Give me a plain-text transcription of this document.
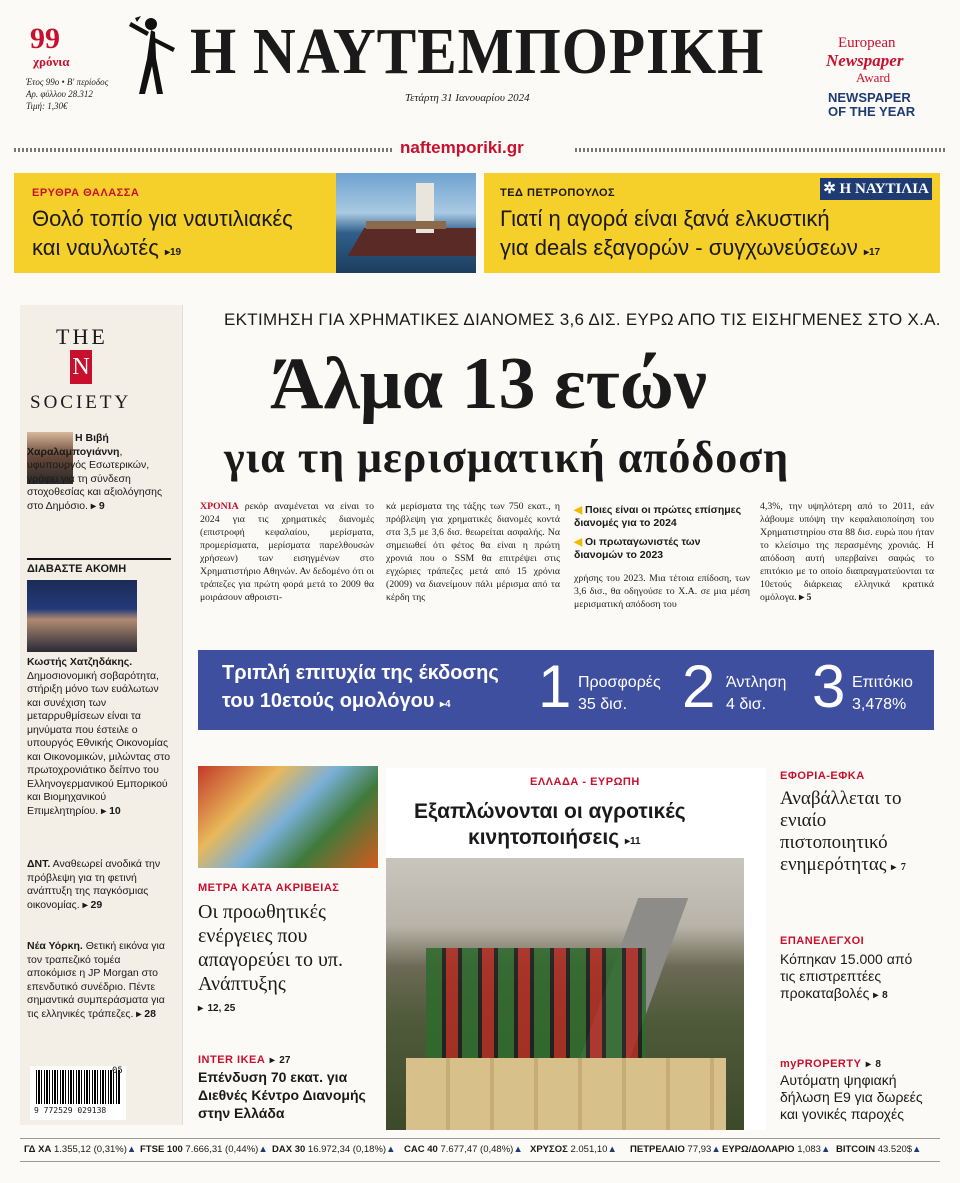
99
χρόνια
Έτος 99ο • Β' περίοδος
Αρ. φύλλου 28.312
Τιμή: 1,30€
Η ΝΑΥΤΕΜΠΟΡΙΚΗ
Τετάρτη 31 Ιανουαρίου 2024
European
Newspaper
Award
NEWSPAPER
OF THE YEAR
naftemporiki.gr
ΕΡΥΘΡΑ ΘΑΛΑΣΣΑ
Θολό τοπίο για ναυτιλιακές
και ναυλωτές ▸19
ΤΕΔ ΠΕΤΡΟΠΟΥΛΟΣ	✲ Η ΝΑΥΤΙΛΙΑ
Γιατί η αγορά είναι ξανά ελκυστική
για deals εξαγορών - συγχωνεύσεων ▸17
THE
N
SOCIETY
Η Βιβή Χαραλαμπογιάννη, υφυπουργός Εσωτερικών, γράφει για τη σύνδεση στοχοθεσίας και αξιολόγησης στο Δημόσιο. ▸ 9
ΔΙΑΒΑΣΤΕ ΑΚΟΜΗ
Κωστής Χατζηδάκης. Δημοσιονομική σοβαρότητα, στήριξη μόνο των ευάλωτων και συνέχιση των μεταρρυθμίσεων είναι τα μηνύματα που έστειλε ο υπουργός Εθνικής Οικονομίας και Οικονομικών, μιλώντας στο πρωτοχρονιάτικο δείπνο του Ελληνογερμανικού Εμπορικού και Βιομηχανικού Επιμελητηρίου. ▸ 10
ΔΝΤ. Αναθεωρεί ανοδικά την πρόβλεψη για τη φετινή ανάπτυξη της παγκόσμιας οικονομίας. ▸ 29
Νέα Υόρκη. Θετική εικόνα για τον τραπεζικό τομέα αποκόμισε η JP Morgan στο επενδυτικό συνέδριο. Πέντε σημαντικά συμπεράσματα για τις ελληνικές τράπεζες. ▸ 28
9 772529 029138
05
ΕΚΤΙΜΗΣΗ ΓΙΑ ΧΡΗΜΑΤΙΚΕΣ ΔΙΑΝΟΜΕΣ 3,6 ΔΙΣ. ΕΥΡΩ ΑΠΟ ΤΙΣ ΕΙΣΗΓΜΕΝΕΣ ΣΤΟ Χ.Α.
Άλμα 13 ετών
για τη μερισματική απόδοση
ΧΡΟΝΙΑ ρεκόρ αναμένεται να είναι το 2024 για τις χρηματικές διανομές (επιστροφή κεφαλαίου, μερίσματα, προμερίσματα, μερίσματα παρελθουσών χρήσεων) των εισηγμένων στο Χρηματιστήριο Αθηνών. Αν δεδομένο ότι οι τράπεζες για πρώτη φορά μετά το 2009 θα μοιράσουν αθροιστι-
κά μερίσματα της τάξης των 750 εκατ., η πρόβλεψη για χρηματικές διανομές κοντά στα 3,5 με 3,6 δισ. θεωρείται ασφαλής. Να σημειωθεί ότι φέτος θα είναι η πρώτη χρονιά που ο SSM θα επιτρέψει στις εγχώριες τράπεζες μετά από 15 χρόνια (2009) να διανείμουν πάλι μέρισμα από τα κέρδη της
◀ Ποιες είναι οι πρώτες επίσημες διανομές για το 2024
◀ Οι πρωταγωνιστές των διανομών το 2023
χρήσης του 2023. Μια τέτοια επίδοση, των 3,6 δισ., θα οδηγούσε το Χ.Α. σε μια μέση μερισματική απόδοση του
4,3%, την υψηλότερη από το 2011, εάν λάβουμε υπόψη την κεφαλαιοποίηση του Χρηματιστηρίου στα 88 δισ. ευρώ που ήταν το κλείσιμο της περασμένης χρονιάς. Η απόδοση αυτή υπερβαίνει σαφώς το επιτόκιο με το οποίο διαπραγματεύονται τα 10ετούς διάρκειας ελληνικά κρατικά ομόλογα. ▸ 5
Τριπλή επιτυχία της έκδοσης
του 10ετούς ομολόγου ▸4 1 Προσφορές
35 δισ. 2 Άντληση
4 δισ. 3 Επιτόκιο
3,478%
ΜΕΤΡΑ ΚΑΤΑ ΑΚΡΙΒΕΙΑΣ
Οι προωθητικές ενέργειες που απαγορεύει το υπ. Ανάπτυξης
▸ 12, 25
INTER IKEA ▸ 27
Επένδυση 70 εκατ. για Διεθνές Κέντρο Διανομής στην Ελλάδα
ΕΛΛΑΔΑ - ΕΥΡΩΠΗ
Εξαπλώνονται οι αγροτικές
κινητοποιήσεις ▸11
ΕΦΟΡΙΑ-ΕΦΚΑ
Αναβάλλεται το ενιαίο πιστοποιητικό ενημερότητας ▸ 7
ΕΠΑΝΕΛΕΓΧΟΙ
Κόπηκαν 15.000 από τις επιστρεπτέες προκαταβολές ▸ 8
myPROPERTY ▸ 8
Αυτόματη ψηφιακή δήλωση Ε9 για δωρεές και γονικές παροχές
ΓΔ ΧΑ 1.355,12 (0,31%)▲ FTSE 100 7.666,31 (0,44%)▲ DAX 30 16.972,34 (0,18%)▲ CAC 40 7.677,47 (0,48%)▲ ΧΡΥΣΟΣ 2.051,10▲ ΠΕΤΡΕΛΑΙΟ 77,93▲ ΕΥΡΩ/ΔΟΛΑΡΙΟ 1,083▲ BITCOIN 43.520$▲
